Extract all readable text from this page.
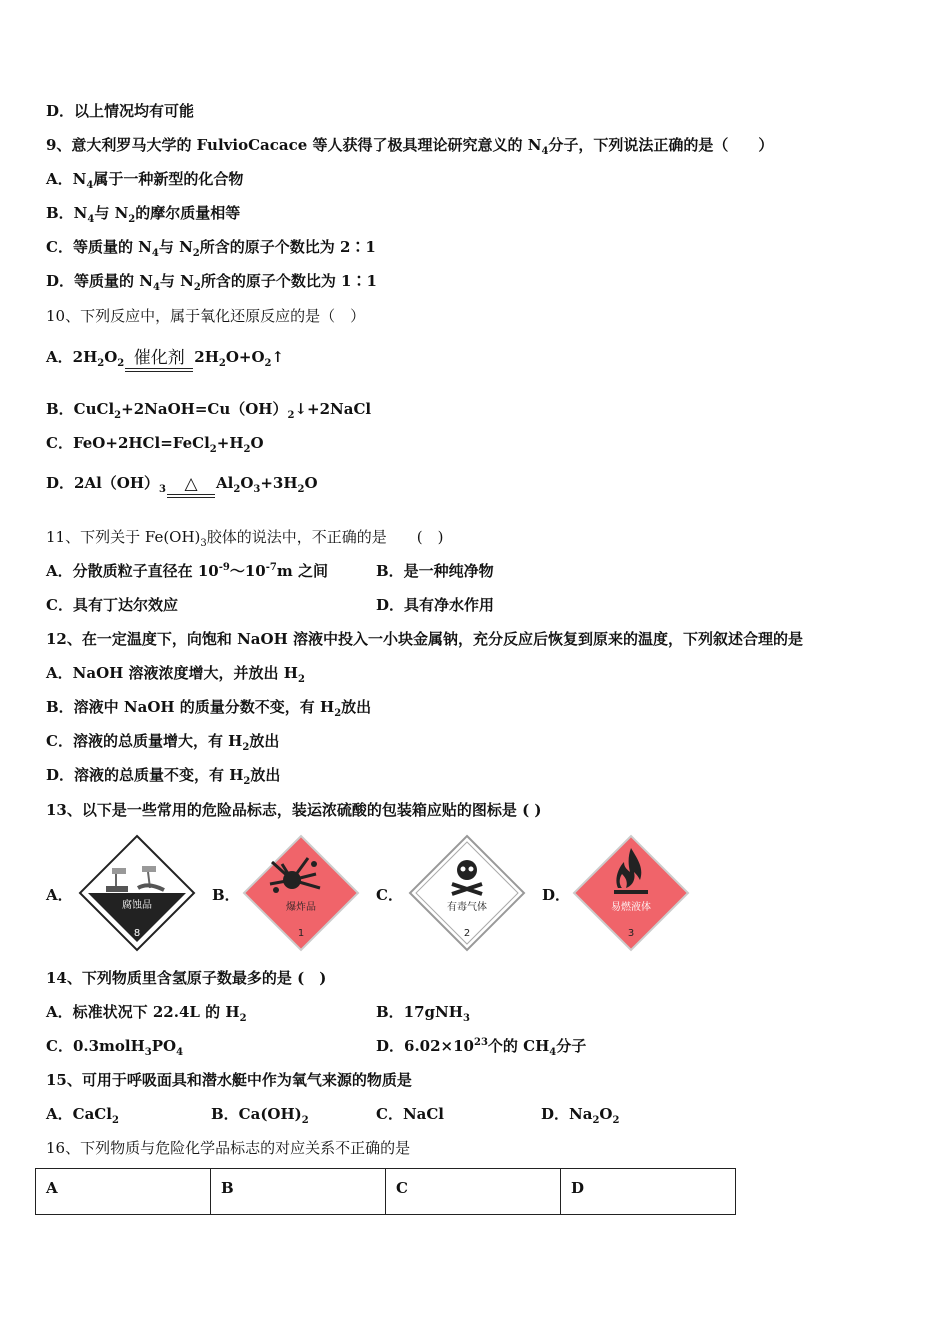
D．以上情况均有可能
9、意大利罗马大学的 FulvioCacace 等人获得了极具理论研究意义的 $N_4$分子，下列说法正确的是（　　）
A．$N_4$属于一种新型的化合物
B．$N_4$与 $N_2$的摩尔质量相等
C．等质量的 $N_4$与 $N_2$所含的原子个数比为 2∶1
D．等质量的 $N_4$与 $N_2$所含的原子个数比为 1∶1
10、下列反应中，属于氧化还原反应的是（　）
A．$2H_2O_2$ 催化剂 $2H_2O+O_2↑$
B．$CuCl_2+2NaOH=Cu(OH)_2↓+2NaCl$
C．$FeO+2HCl=FeCl_2+H_2O$
D．$2Al(OH)_3$	△	$Al_2O_3+3H_2O$
11、下列关于 $Fe(OH)_3$胶体的说法中，不正确的是　　(　)
A．分散质粒子直径在 $10^{-9}\sim 10^{-7}m$ 之间	B．是一种纯净物
C．具有丁达尔效应	D．具有净水作用
12、在一定温度下，向饱和 NaOH 溶液中投入一小块金属钠，充分反应后恢复到原来的温度，下列叙述合理的是
A．NaOH 溶液浓度增大，并放出 $H_2$
B．溶液中 NaOH 的质量分数不变，有 $H_2$放出
C．溶液的总质量增大，有 $H_2$放出
D．溶液的总质量不变，有 $H_2$放出
13、以下是一些常用的危险品标志，装运浓硫酸的包装箱应贴的图标是 ( )
A．
腐蚀品
8
B．
爆炸品
1
C．
有毒气体
2
D．
易燃液体
3
14、下列物质里含氢原子数最多的是 (　)
A．标准状况下 22.4L 的 $H_2$	B．17gNH$_3$
C．$0.3molH_3PO_4$	D．$6.02\times 10^{23}$个的 $CH_4$分子
15、可用于呼吸面具和潜水艇中作为氧气来源的物质是
A．CaCl$_2$	B．$Ca(OH)_2$	C．NaCl	D．$Na_2O_2$
16、下列物质与危险化学品标志的对应关系不正确的是
A	B	C	D
